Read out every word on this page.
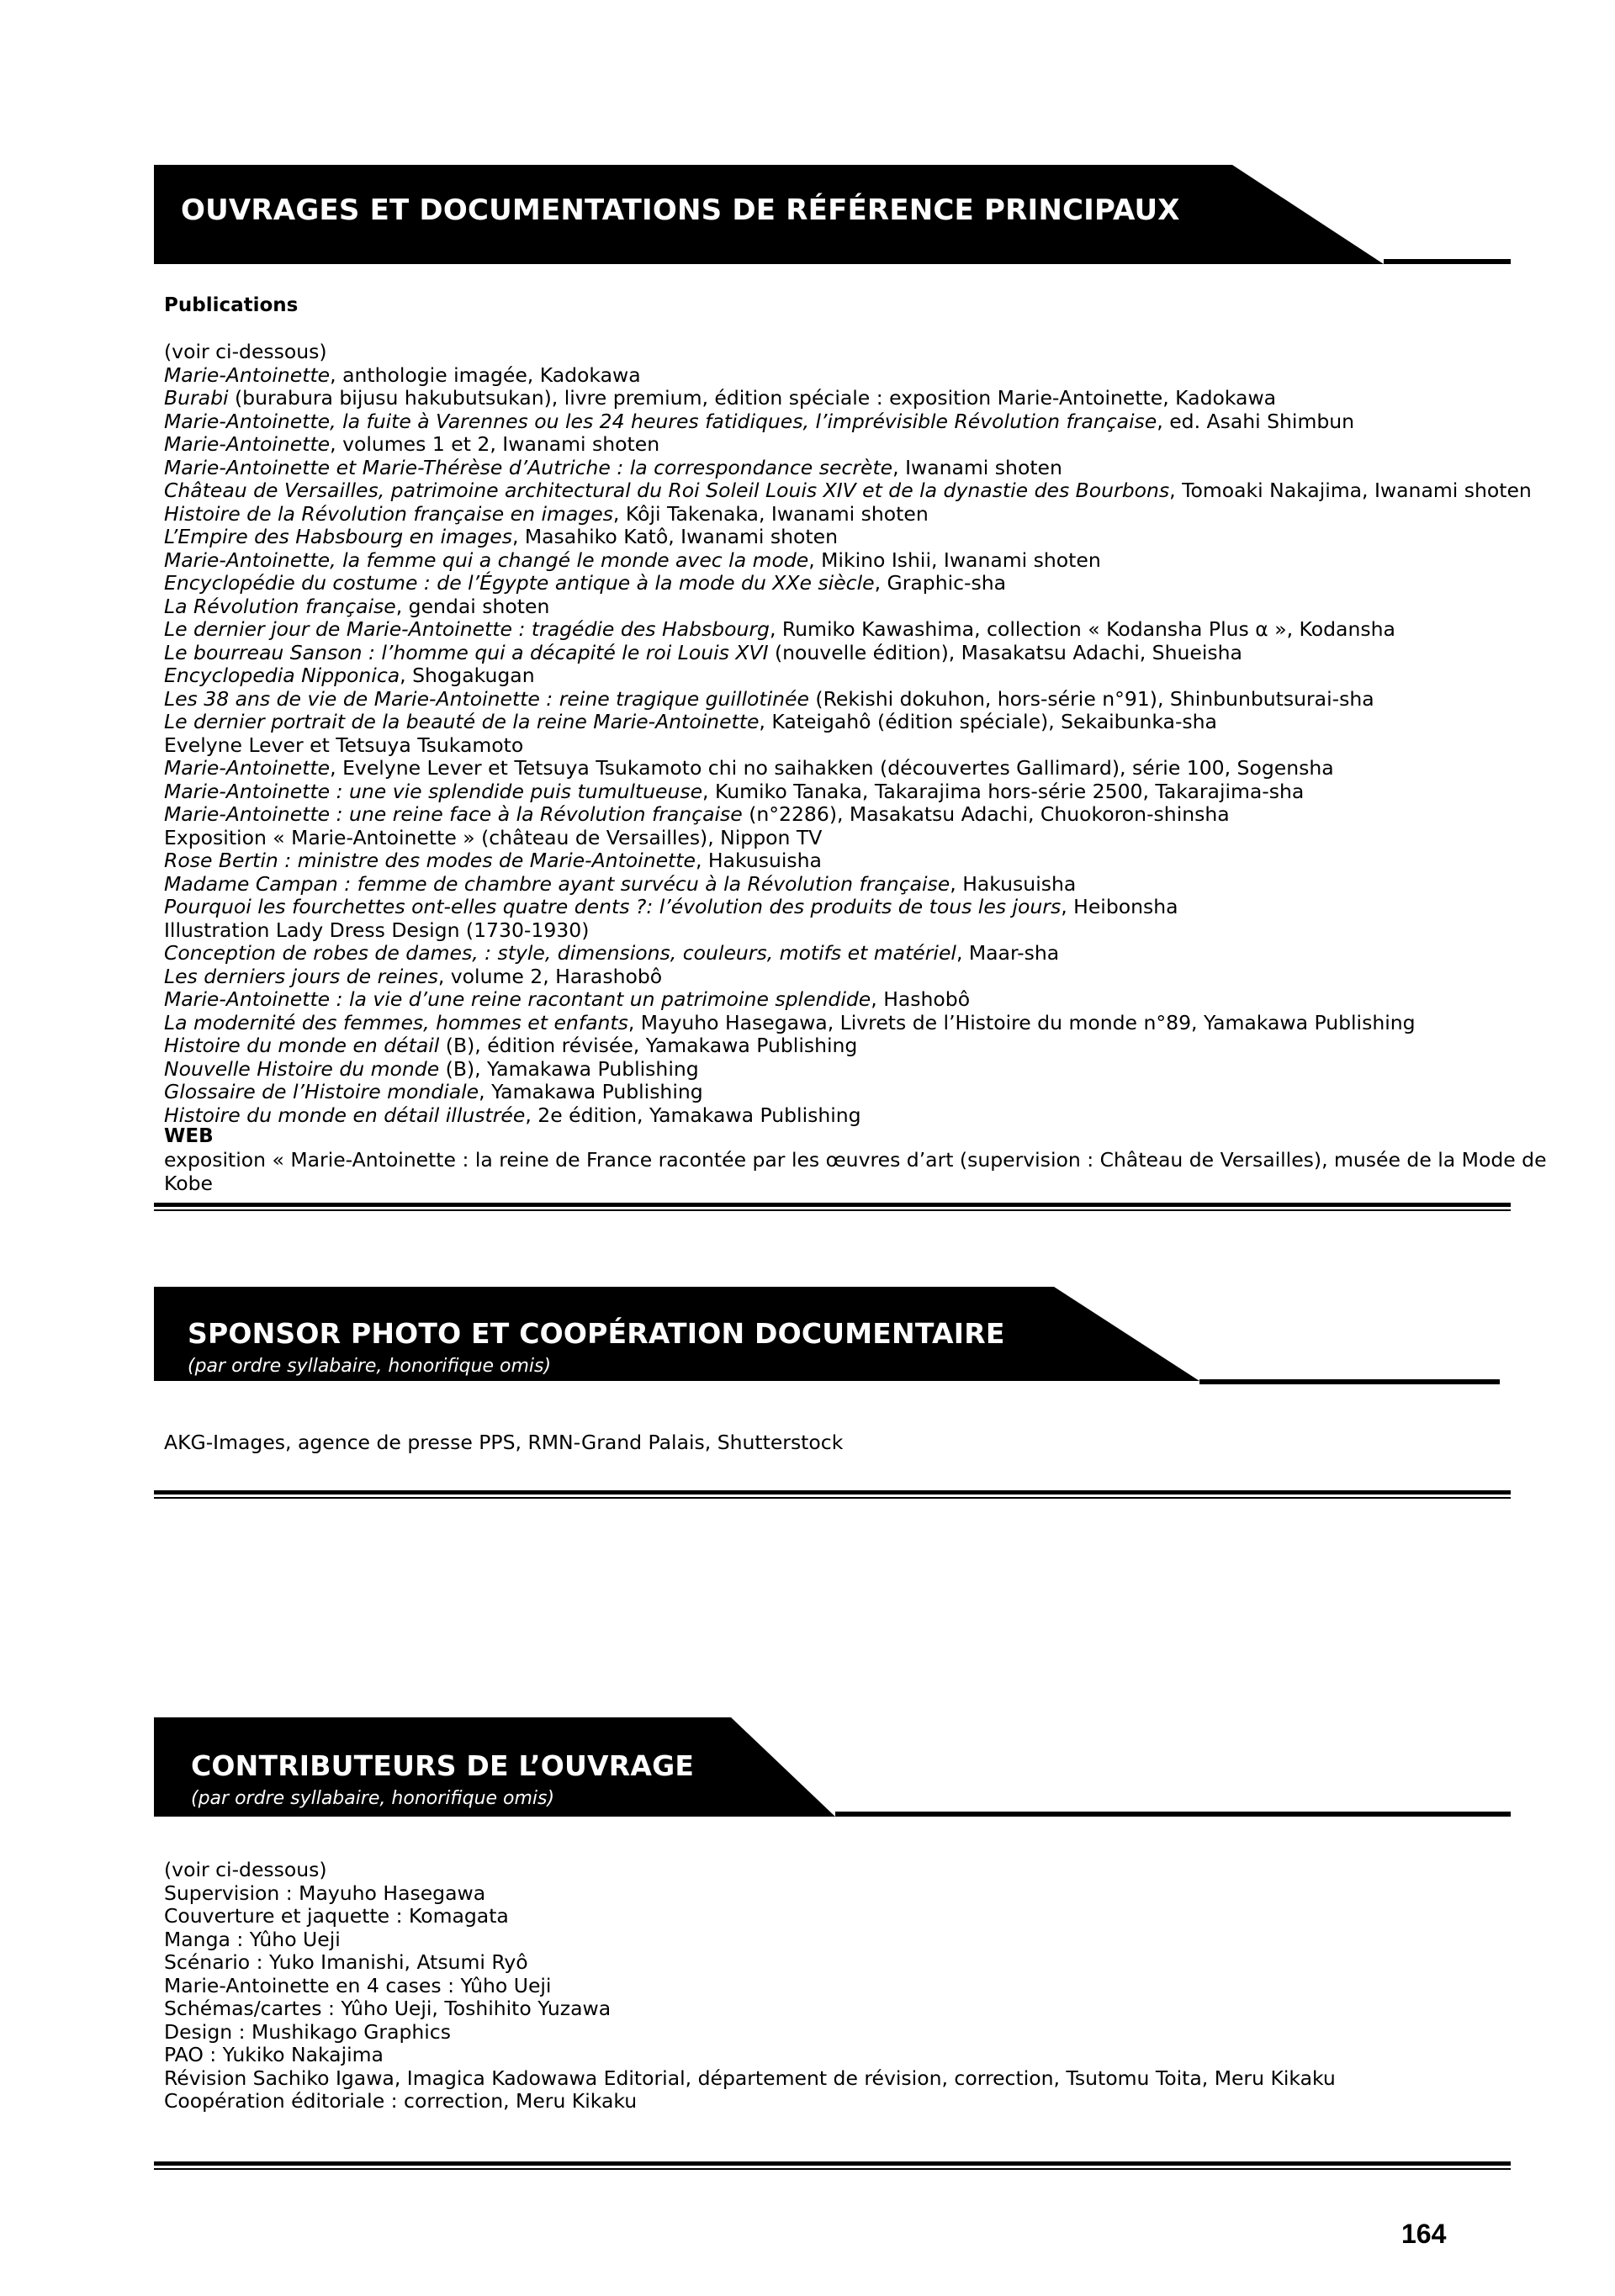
OUVRAGES ET DOCUMENTATIONS DE RÉFÉRENCE PRINCIPAUX
Publications
(voir ci-dessous)
Marie-Antoinette, anthologie imagée, Kadokawa
Burabi (burabura bijusu hakubutsukan), livre premium, édition spéciale : exposition Marie-Antoinette, Kadokawa
Marie-Antoinette, la fuite à Varennes ou les 24 heures fatidiques, l’imprévisible Révolution française, ed. Asahi Shimbun
Marie-Antoinette, volumes 1 et 2, Iwanami shoten
Marie-Antoinette et Marie-Thérèse d’Autriche : la correspondance secrète, Iwanami shoten
Château de Versailles, patrimoine architectural du Roi Soleil Louis XIV et de la dynastie des Bourbons, Tomoaki Nakajima, Iwanami shoten
Histoire de la Révolution française en images, Kôji Takenaka, Iwanami shoten
L’Empire des Habsbourg en images, Masahiko Katô, Iwanami shoten
Marie-Antoinette, la femme qui a changé le monde avec la mode, Mikino Ishii, Iwanami shoten
Encyclopédie du costume : de l’Égypte antique à la mode du XXe siècle, Graphic-sha
La Révolution française, gendai shoten
Le dernier jour de Marie-Antoinette : tragédie des Habsbourg, Rumiko Kawashima, collection « Kodansha Plus α », Kodansha
Le bourreau Sanson : l’homme qui a décapité le roi Louis XVI (nouvelle édition), Masakatsu Adachi, Shueisha
Encyclopedia Nipponica, Shogakugan
Les 38 ans de vie de Marie-Antoinette : reine tragique guillotinée (Rekishi dokuhon, hors-série n°91), Shinbunbutsurai-sha
Le dernier portrait de la beauté de la reine Marie-Antoinette, Kateigahô (édition spéciale), Sekaibunka-sha
Evelyne Lever et Tetsuya Tsukamoto
Marie-Antoinette, Evelyne Lever et Tetsuya Tsukamoto chi no saihakken (découvertes Gallimard), série 100, Sogensha
Marie-Antoinette : une vie splendide puis tumultueuse, Kumiko Tanaka, Takarajima hors-série 2500, Takarajima-sha
Marie-Antoinette : une reine face à la Révolution française (n°2286), Masakatsu Adachi, Chuokoron-shinsha
Exposition « Marie-Antoinette » (château de Versailles), Nippon TV
Rose Bertin : ministre des modes de Marie-Antoinette, Hakusuisha
Madame Campan : femme de chambre ayant survécu à la Révolution française, Hakusuisha
Pourquoi les fourchettes ont-elles quatre dents ?: l’évolution des produits de tous les jours, Heibonsha
Illustration Lady Dress Design (1730-1930)
Conception de robes de dames, : style, dimensions, couleurs, motifs et matériel, Maar-sha
Les derniers jours de reines, volume 2, Harashobô
Marie-Antoinette : la vie d’une reine racontant un patrimoine splendide, Hashobô
La modernité des femmes, hommes et enfants, Mayuho Hasegawa, Livrets de l’Histoire du monde n°89, Yamakawa Publishing
Histoire du monde en détail (B), édition révisée, Yamakawa Publishing
Nouvelle Histoire du monde (B), Yamakawa Publishing
Glossaire de l’Histoire mondiale, Yamakawa Publishing
Histoire du monde en détail illustrée, 2e édition, Yamakawa Publishing
WEB
exposition « Marie-Antoinette : la reine de France racontée par les œuvres d’art (supervision : Château de Versailles), musée de la Mode de
Kobe
SPONSOR PHOTO ET COOPÉRATION DOCUMENTAIRE
(par ordre syllabaire, honorifique omis)
AKG-Images, agence de presse PPS, RMN-Grand Palais, Shutterstock
CONTRIBUTEURS DE L’OUVRAGE
(par ordre syllabaire, honorifique omis)
(voir ci-dessous)
Supervision : Mayuho Hasegawa
Couverture et jaquette : Komagata
Manga : Yûho Ueji
Scénario : Yuko Imanishi, Atsumi Ryô
Marie-Antoinette en 4 cases : Yûho Ueji
Schémas/cartes : Yûho Ueji, Toshihito Yuzawa
Design : Mushikago Graphics
PAO : Yukiko Nakajima
Révision Sachiko Igawa, Imagica Kadowawa Editorial, département de révision, correction, Tsutomu Toita, Meru Kikaku
Coopération éditoriale : correction, Meru Kikaku
164
